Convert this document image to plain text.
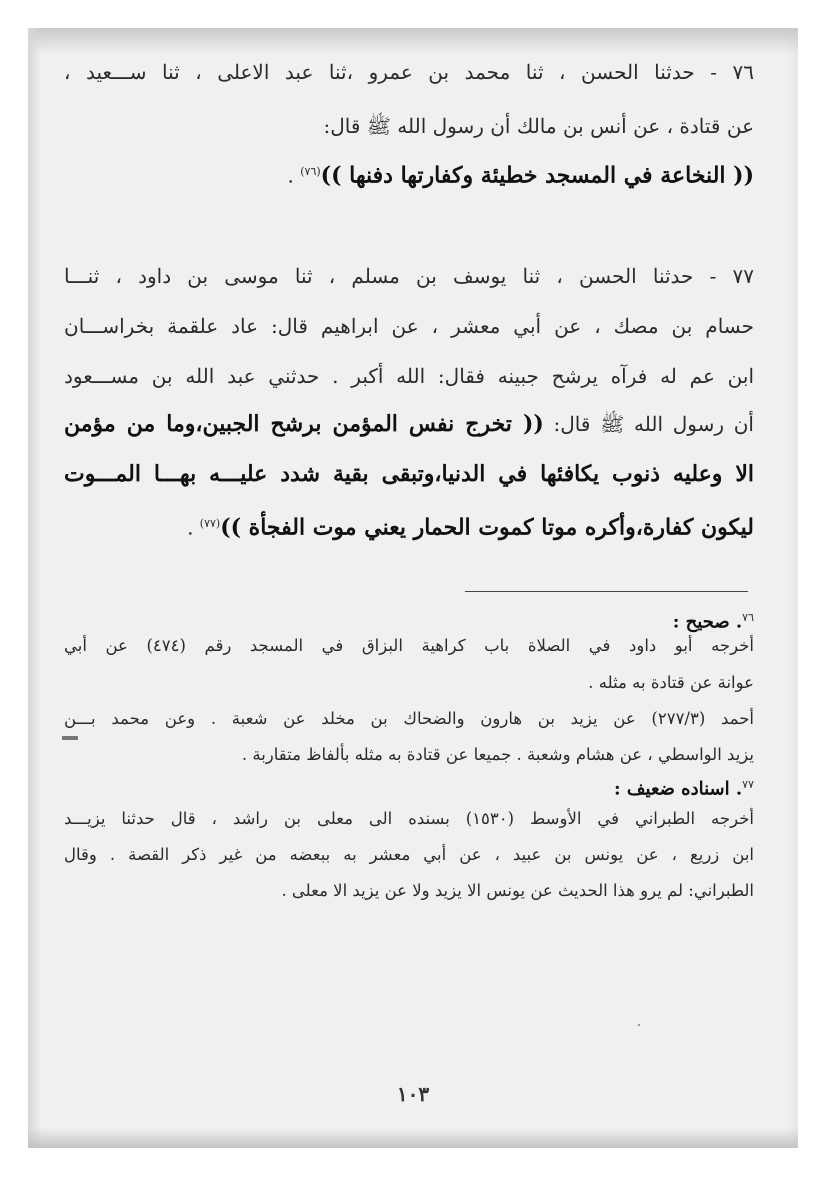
٧٦ - حدثنا الحسن ، ثنا محمد بن عمرو ،ثنا عبد الاعلى ، ثنا ســـعيد ،
عن قتادة ، عن أنس بن مالك أن رسول الله ﷺ قال:
(( النخاعة في المسجد خطيئة وكفارتها دفنها ))$^{(٧٦)}$ .
٧٧ - حدثنا الحسن ، ثنا يوسف بن مسلم ، ثنا موسى بن داود ، ثنـــا
حسام بن مصك ، عن أبي معشر ، عن ابراهيم قال: عاد علقمة بخراســـان
ابن عم له فرآه يرشح جبينه فقال: الله أكبر . حدثني عبد الله بن مســـعود
أن رسول الله ﷺ قال: (( تخرج نفس المؤمن برشح الجبين،وما من مؤمن
الا وعليه ذنوب يكافئها في الدنيا،وتبقى بقية شدد عليـــه بهـــا المـــوت
ليكون كفارة،وأكره موتا كموت الحمار يعني موت الفجأة ))$^{(٧٧)}$ .
$^{٧٦}$. صحيح :
أخرجه أبو داود في الصلاة باب كراهية البزاق في المسجد رقم (٤٧٤) عن أبي
عوانة عن قتادة به مثله .
أحمد (٢٧٧/٣) عن يزيد بن هارون والضحاك بن مخلد عن شعبة . وعن محمد بـــن
يزيد الواسطي ، عن هشام وشعبة . جميعا عن قتادة به مثله بألفاظ متقاربة .
$^{٧٧}$. اسناده ضعيف :
أخرجه الطبراني في الأوسط (١٥٣٠) بسنده الى معلى بن راشد ، قال حدثنا يزيـــد
ابن زريع ، عن يونس بن عبيد ، عن أبي معشر به ببعضه من غير ذكر القصة . وقال
الطبراني: لم يرو هذا الحديث عن يونس الا يزيد ولا عن يزيد الا معلى .
١٠٣
